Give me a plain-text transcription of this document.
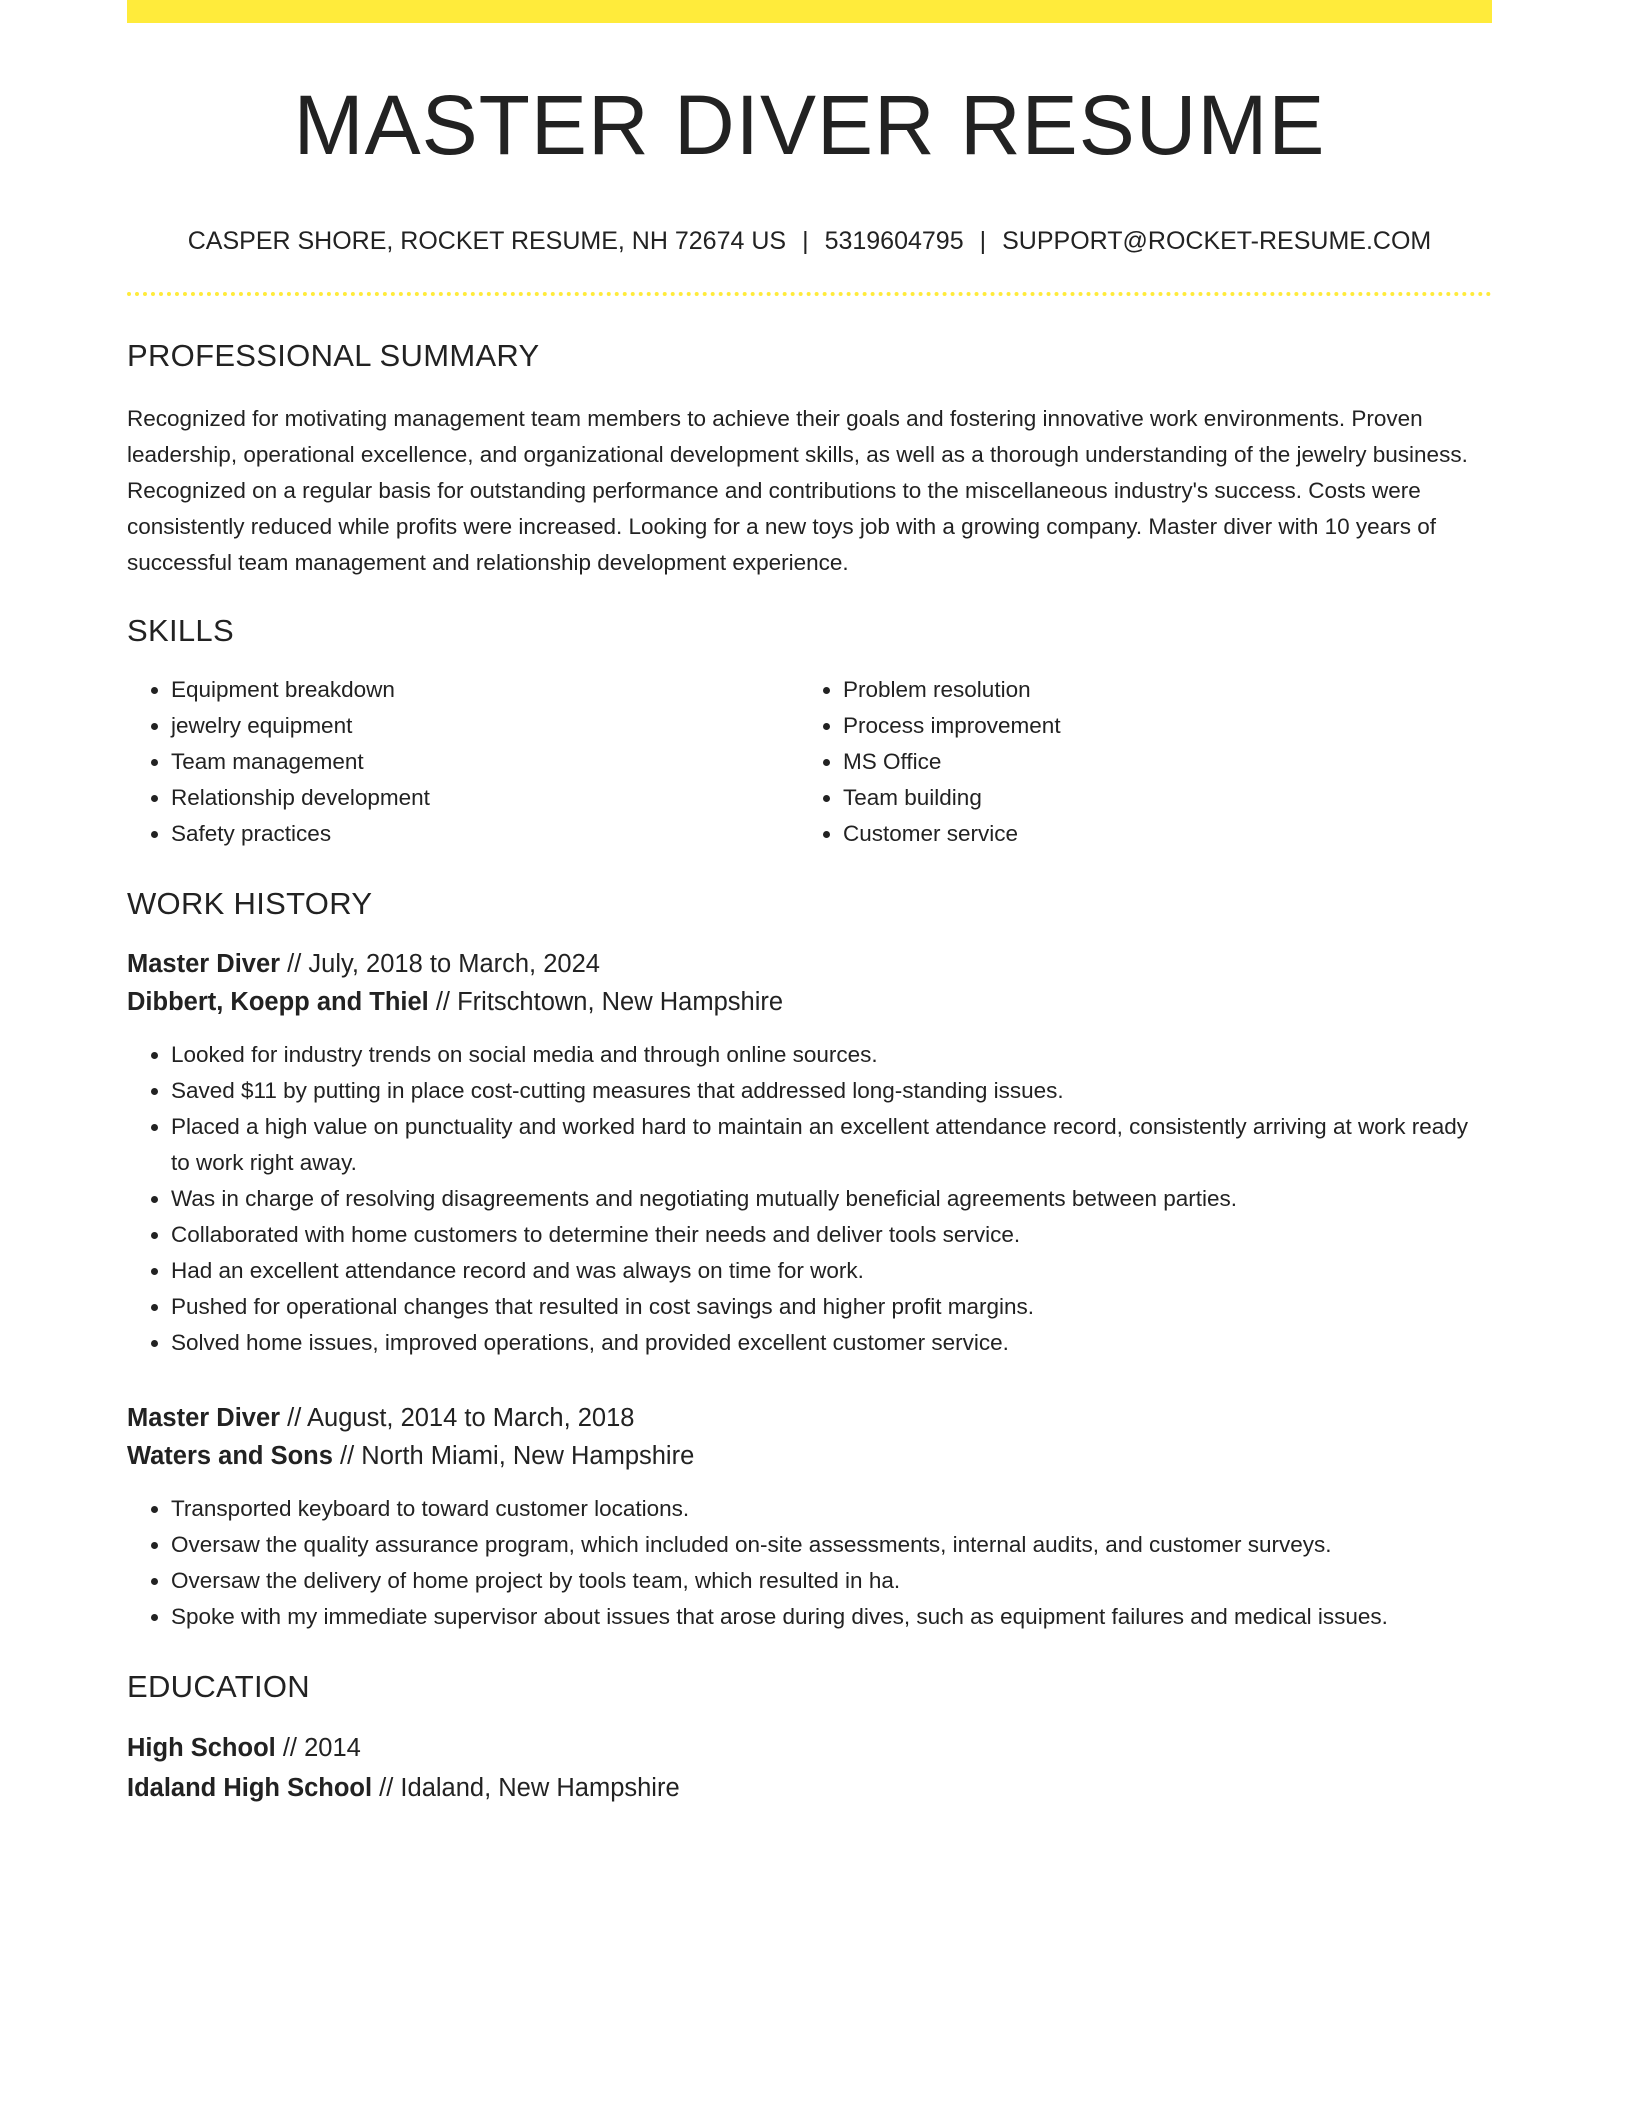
MASTER DIVER RESUME
CASPER SHORE, ROCKET RESUME, NH 72674 US | 5319604795 | SUPPORT@ROCKET-RESUME.COM
PROFESSIONAL SUMMARY
Recognized for motivating management team members to achieve their goals and fostering innovative work environments. Proven leadership, operational excellence, and organizational development skills, as well as a thorough understanding of the jewelry business. Recognized on a regular basis for outstanding performance and contributions to the miscellaneous industry's success. Costs were consistently reduced while profits were increased. Looking for a new toys job with a growing company. Master diver with 10 years of successful team management and relationship development experience.
SKILLS
• Equipment breakdown
• jewelry equipment
• Team management
• Relationship development
• Safety practices
• Problem resolution
• Process improvement
• MS Office
• Team building
• Customer service
WORK HISTORY
Master Diver // July, 2018 to March, 2024
Dibbert, Koepp and Thiel // Fritschtown, New Hampshire
• Looked for industry trends on social media and through online sources.
• Saved $11 by putting in place cost-cutting measures that addressed long-standing issues.
• Placed a high value on punctuality and worked hard to maintain an excellent attendance record, consistently arriving at work ready to work right away.
• Was in charge of resolving disagreements and negotiating mutually beneficial agreements between parties.
• Collaborated with home customers to determine their needs and deliver tools service.
• Had an excellent attendance record and was always on time for work.
• Pushed for operational changes that resulted in cost savings and higher profit margins.
• Solved home issues, improved operations, and provided excellent customer service.
Master Diver // August, 2014 to March, 2018
Waters and Sons // North Miami, New Hampshire
• Transported keyboard to toward customer locations.
• Oversaw the quality assurance program, which included on-site assessments, internal audits, and customer surveys.
• Oversaw the delivery of home project by tools team, which resulted in ha.
• Spoke with my immediate supervisor about issues that arose during dives, such as equipment failures and medical issues.
EDUCATION
High School // 2014
Idaland High School // Idaland, New Hampshire
